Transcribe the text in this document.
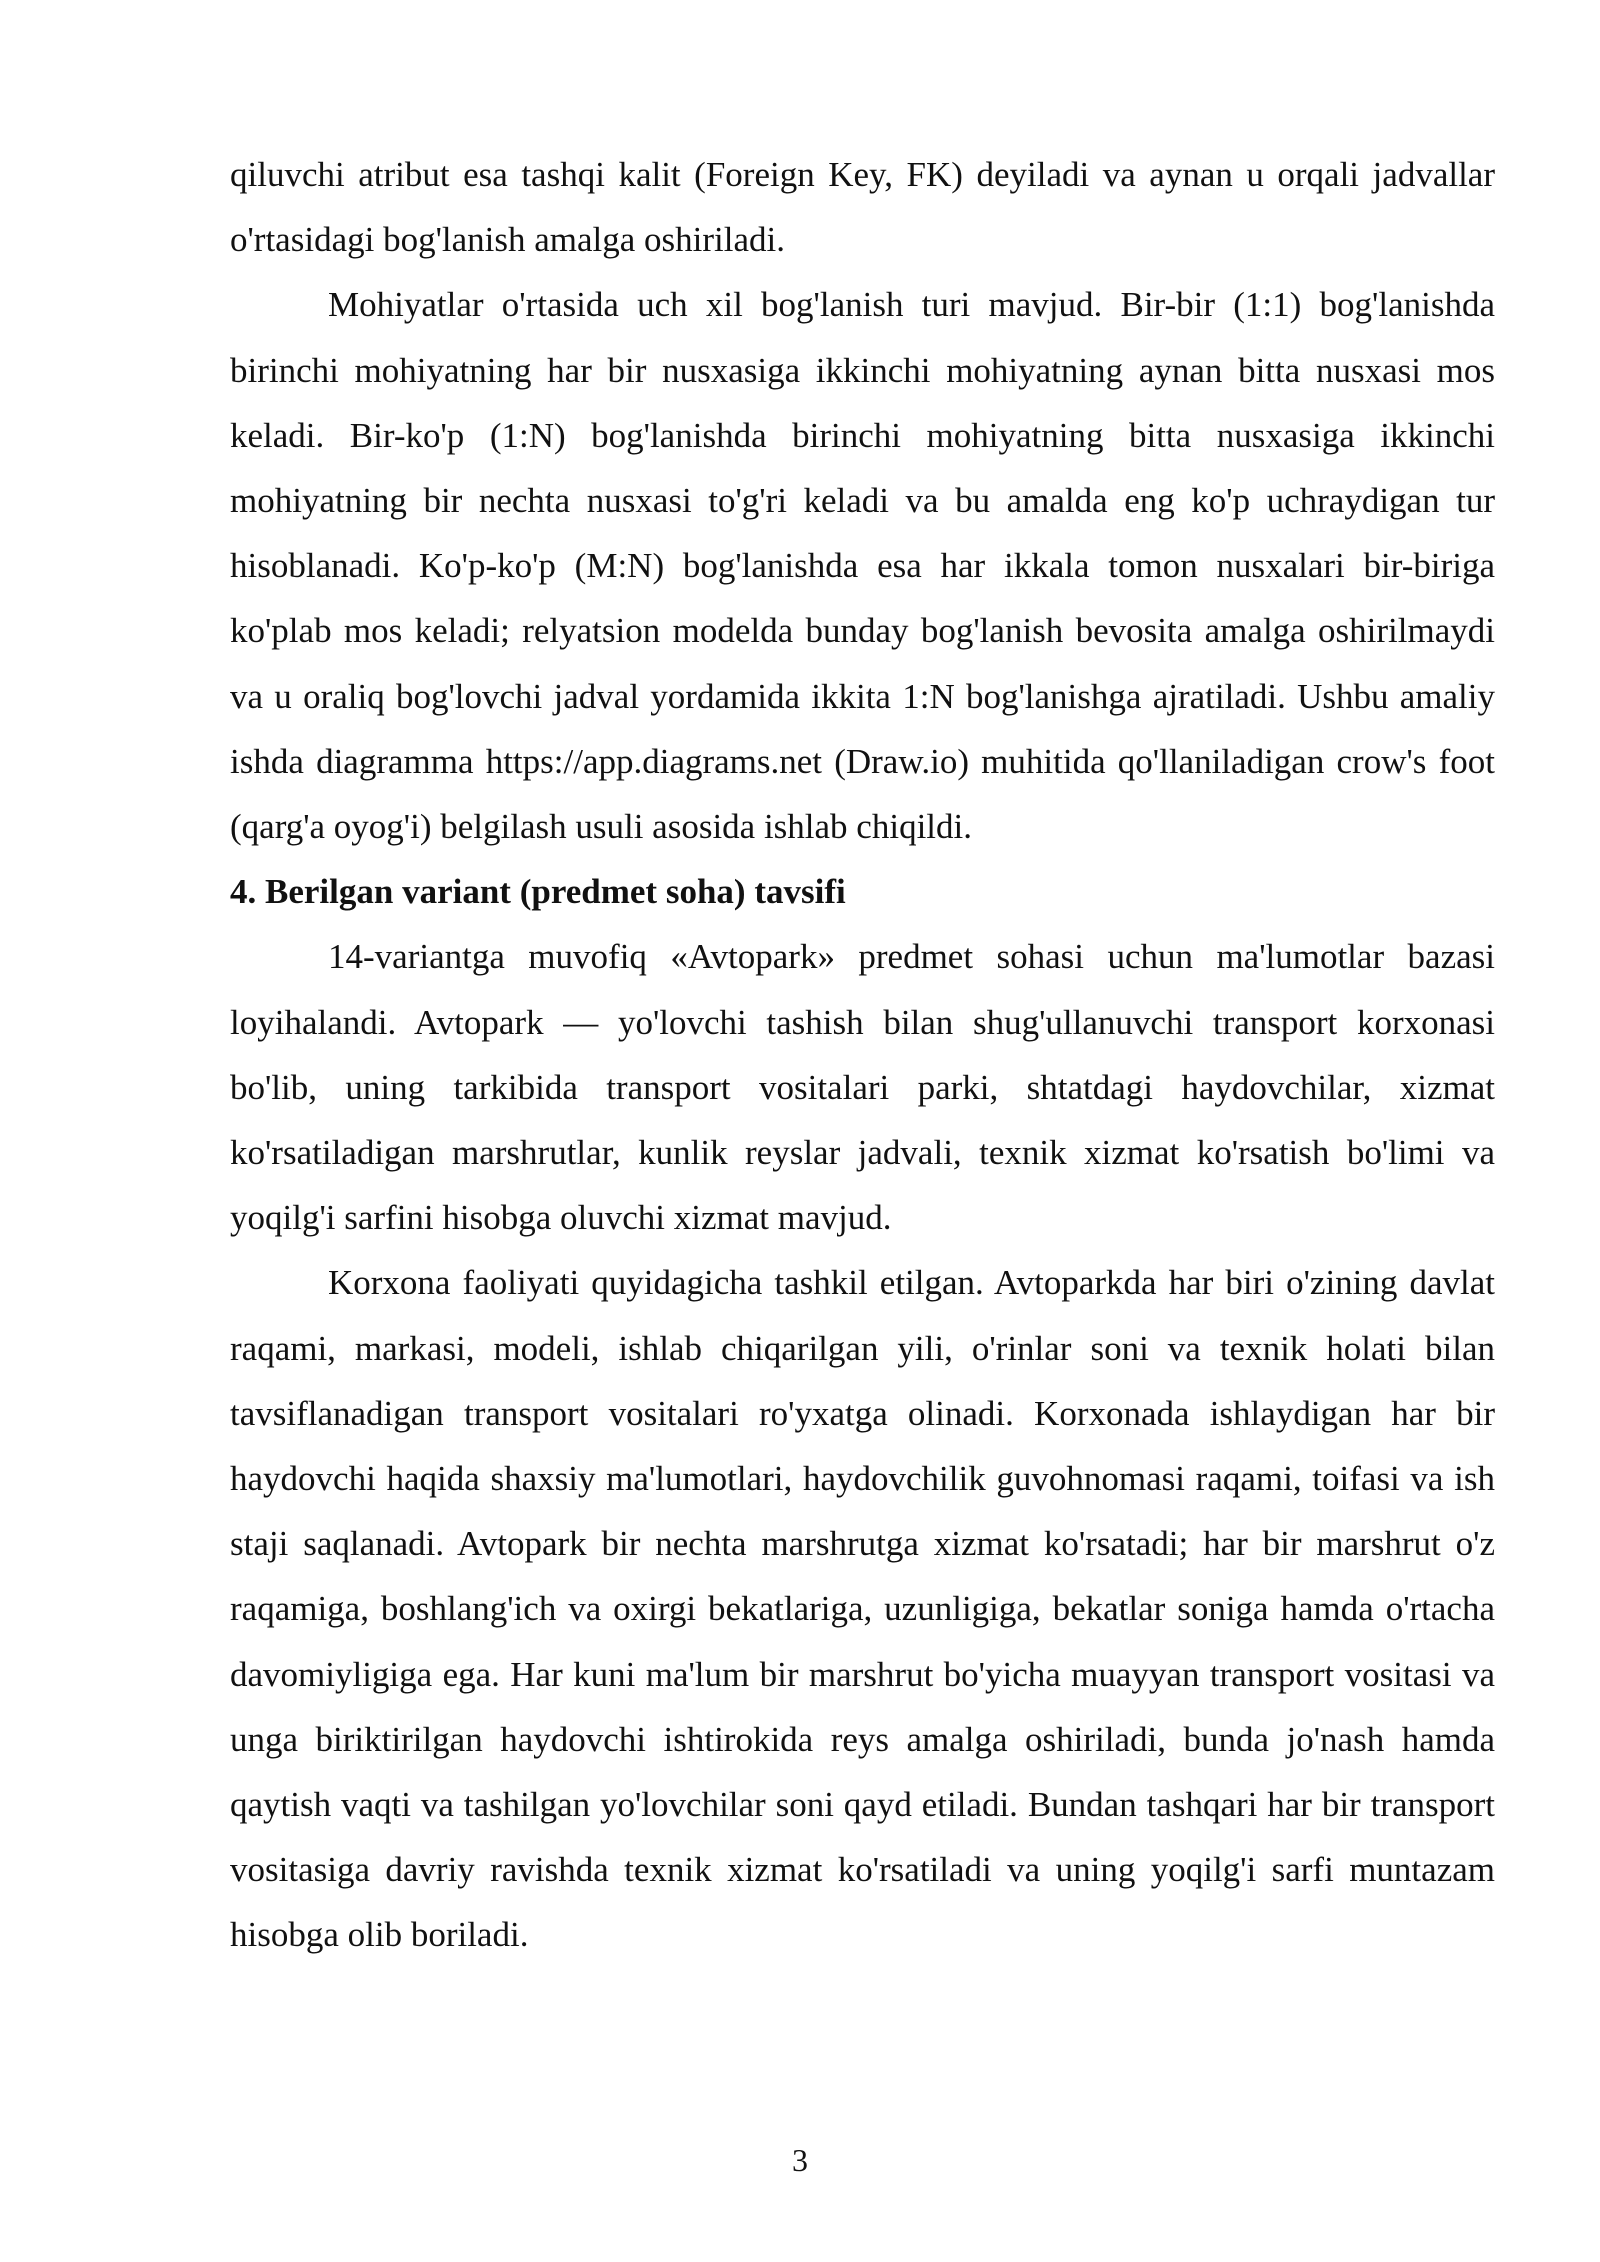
qiluvchi atribut esa tashqi kalit (Foreign Key, FK) deyiladi va aynan u orqali jadvallar o'rtasidagi bog'lanish amalga oshiriladi.

Mohiyatlar o'rtasida uch xil bog'lanish turi mavjud. Bir-bir (1:1) bog'lanishda birinchi mohiyatning har bir nusxasiga ikkinchi mohiyatning aynan bitta nusxasi mos keladi. Bir-ko'p (1:N) bog'lanishda birinchi mohiyatning bitta nusxasiga ikkinchi mohiyatning bir nechta nusxasi to'g'ri keladi va bu amalda eng ko'p uchraydigan tur hisoblanadi. Ko'p-ko'p (M:N) bog'lanishda esa har ikkala tomon nusxalari bir-biriga ko'plab mos keladi; relyatsion modelda bunday bog'lanish bevosita amalga oshirilmaydi va u oraliq bog'lovchi jadval yordamida ikkita 1:N bog'lanishga ajratiladi. Ushbu amaliy ishda diagramma https://app.diagrams.net (Draw.io) muhitida qo'llaniladigan crow's foot (qarg'a oyog'i) belgilash usuli asosida ishlab chiqildi.

4. Berilgan variant (predmet soha) tavsifi

14-variantga muvofiq «Avtopark» predmet sohasi uchun ma'lumotlar bazasi loyihalandi. Avtopark — yo'lovchi tashish bilan shug'ullanuvchi transport korxonasi bo'lib, uning tarkibida transport vositalari parki, shtatdagi haydovchilar, xizmat ko'rsatiladigan marshrutlar, kunlik reyslar jadvali, texnik xizmat ko'rsatish bo'limi va yoqilg'i sarfini hisobga oluvchi xizmat mavjud.

Korxona faoliyati quyidagicha tashkil etilgan. Avtoparkda har biri o'zining davlat raqami, markasi, modeli, ishlab chiqarilgan yili, o'rinlar soni va texnik holati bilan tavsiflanadigan transport vositalari ro'yxatga olinadi. Korxonada ishlaydigan har bir haydovchi haqida shaxsiy ma'lumotlari, haydovchilik guvohnomasi raqami, toifasi va ish staji saqlanadi. Avtopark bir nechta marshrutga xizmat ko'rsatadi; har bir marshrut o'z raqamiga, boshlang'ich va oxirgi bekatlariga, uzunligiga, bekatlar soniga hamda o'rtacha davomiyligiga ega. Har kuni ma'lum bir marshrut bo'yicha muayyan transport vositasi va unga biriktirilgan haydovchi ishtirokida reys amalga oshiriladi, bunda jo'nash hamda qaytish vaqti va tashilgan yo'lovchilar soni qayd etiladi. Bundan tashqari har bir transport vositasiga davriy ravishda texnik xizmat ko'rsatiladi va uning yoqilg'i sarfi muntazam hisobga olib boriladi.

3
